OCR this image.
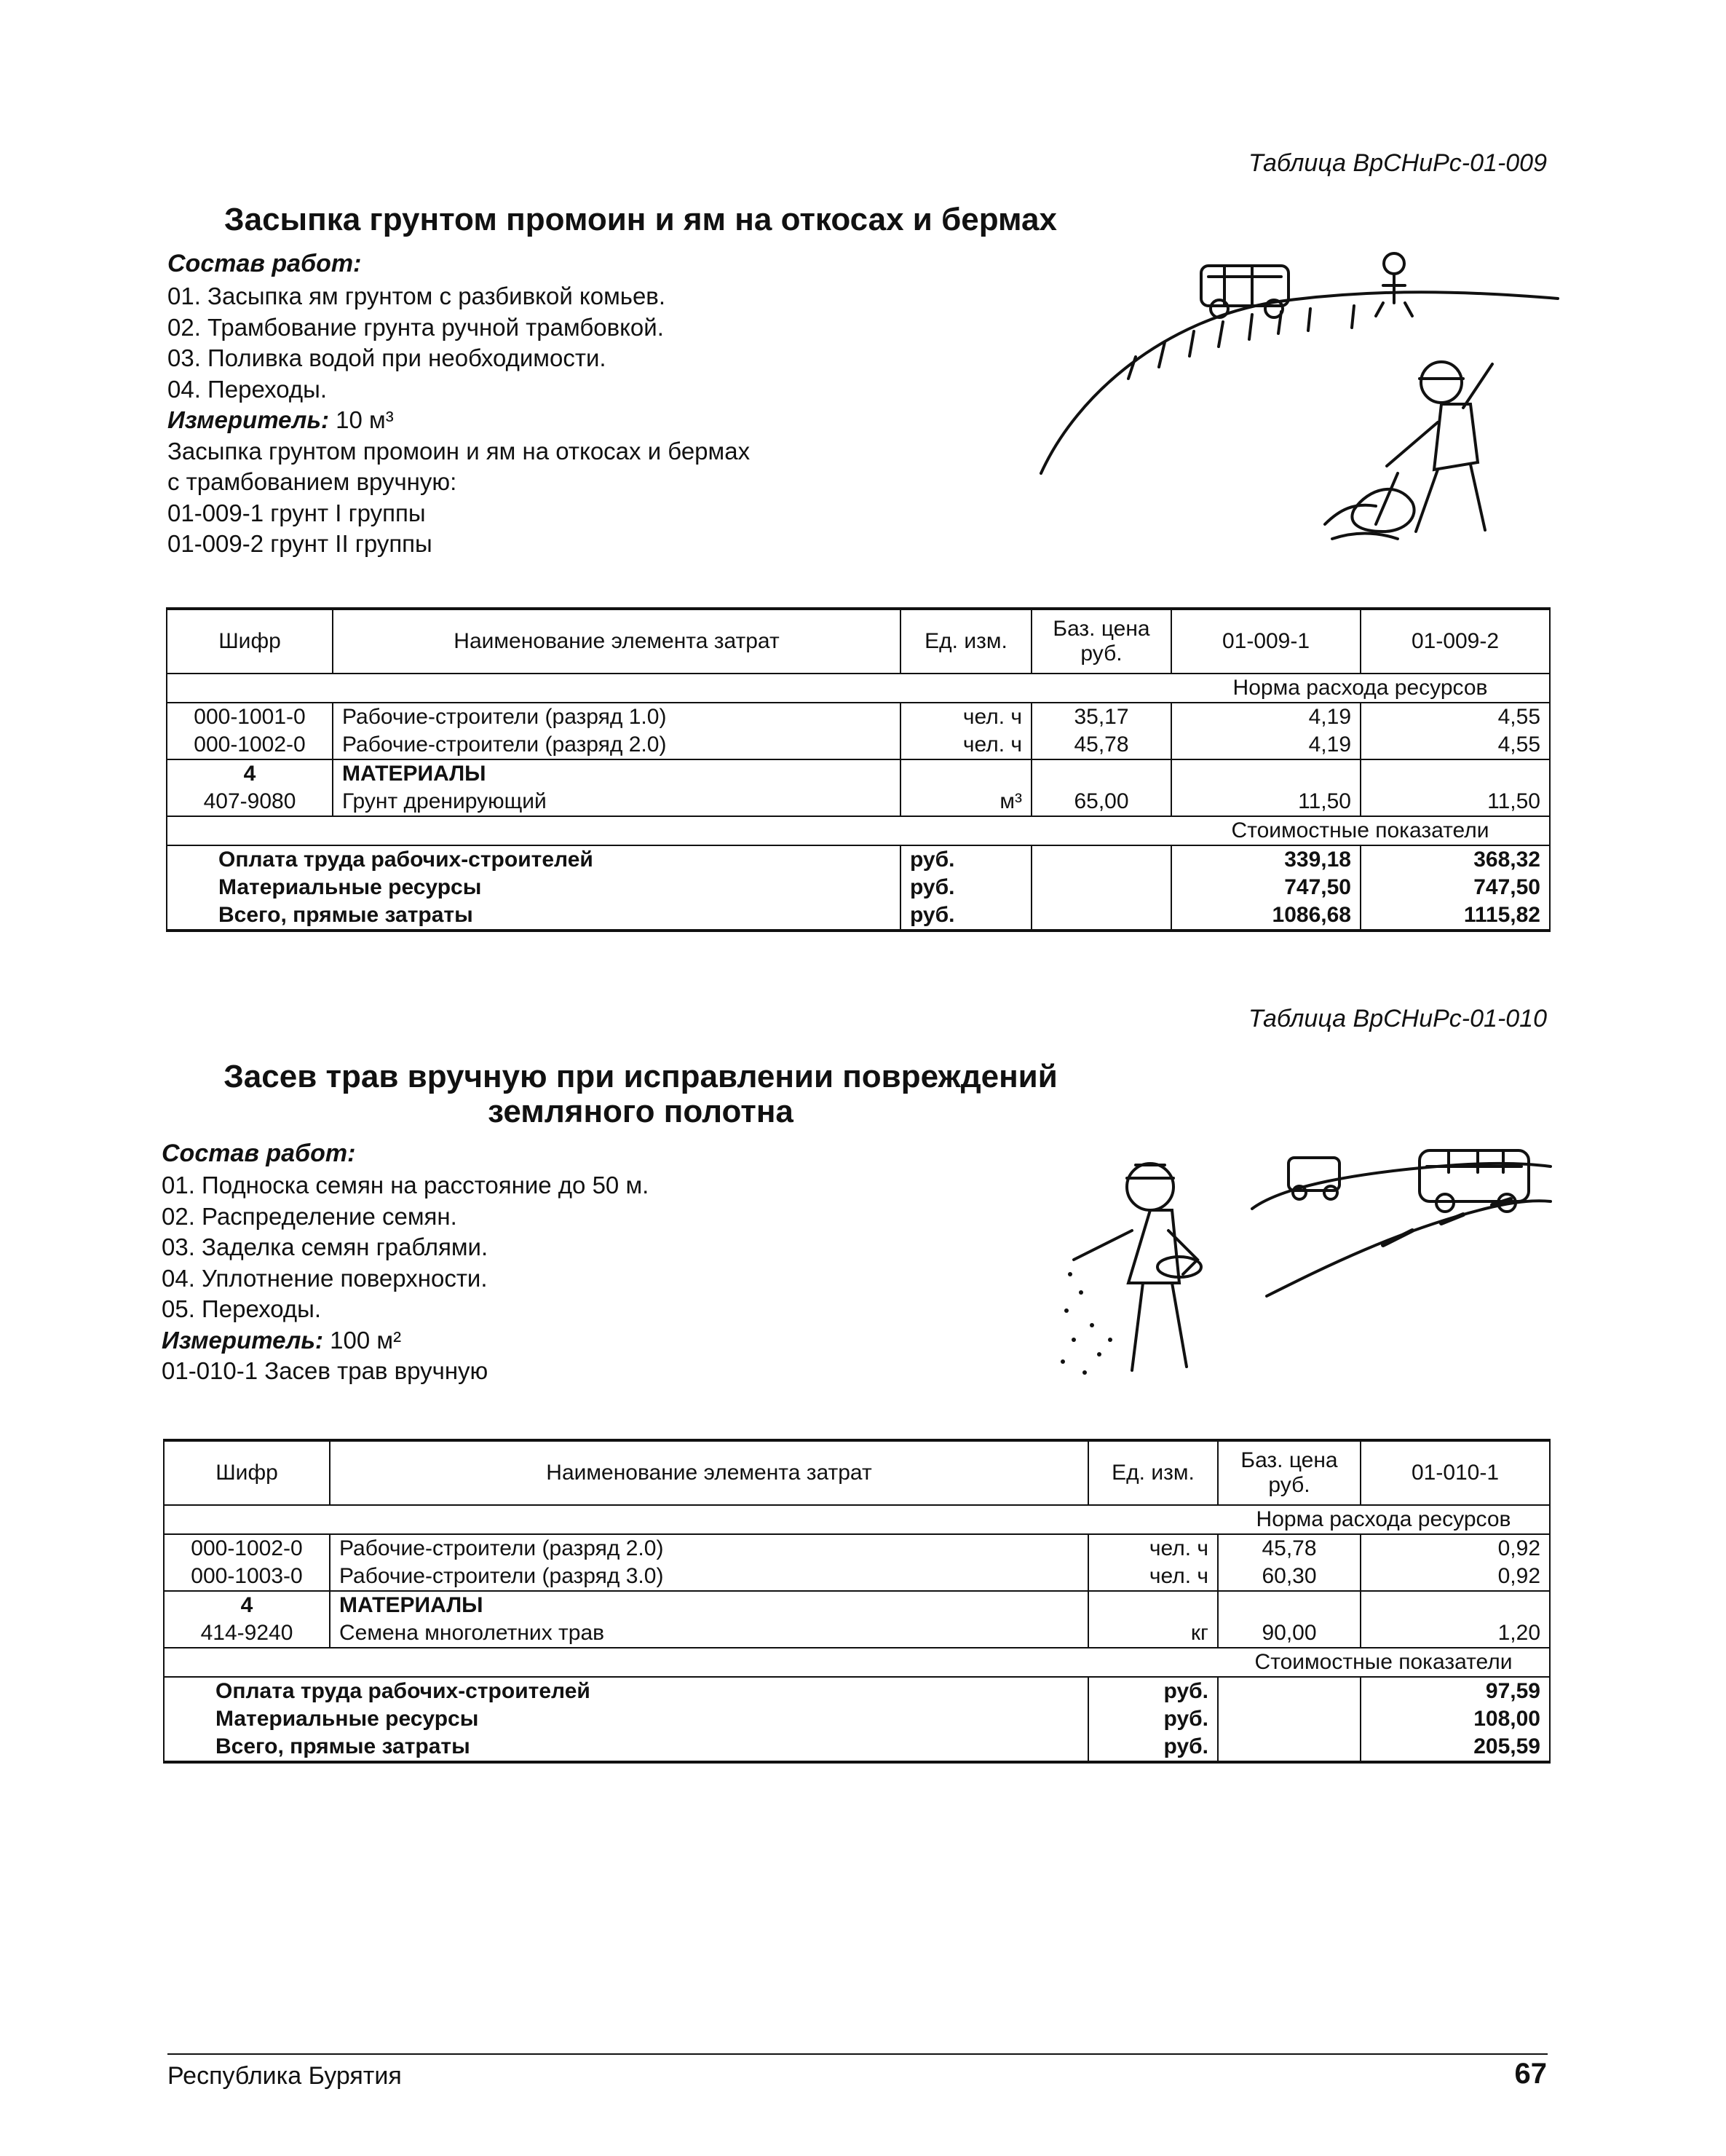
Таблица ВрСНиРс-01-009
Засыпка грунтом промоин и ям на откосах и бермах
Состав работ:
01. Засыпка ям грунтом с разбивкой комьев.
02. Трамбование грунта ручной трамбовкой.
03. Поливка водой при необходимости.
04. Переходы.
Измеритель: 10 м³
Засыпка грунтом промоин и ям на откосах и бермах
с трамбованием вручную:
01-009-1 грунт I группы
01-009-2 грунт II группы
Шифр	Наименование элемента затрат	Ед. изм.	Баз. цена руб.	01-009-1	01-009-2
				Норма расхода ресурсов	
000-1001-0	Рабочие-строители (разряд 1.0)	чел. ч	35,17	4,19	4,55
000-1002-0	Рабочие-строители (разряд 2.0)	чел. ч	45,78	4,19	4,55
4	МАТЕРИАЛЫ				
407-9080	Грунт дренирующий	м³	65,00	11,50	11,50
				Стоимостные показатели	
Оплата труда рабочих-строителей		руб.		339,18	368,32
Материальные ресурсы		руб.		747,50	747,50
Всего, прямые затраты		руб.		1086,68	1115,82
Таблица ВрСНиРс-01-010
Засев трав вручную при исправлении повреждений
земляного полотна
Состав работ:
01. Подноска семян на расстояние до 50 м.
02. Распределение семян.
03. Заделка семян граблями.
04. Уплотнение поверхности.
05. Переходы.
Измеритель: 100 м²
01-010-1 Засев трав вручную
Шифр	Наименование элемента затрат	Ед. изм.	Баз. цена руб.	01-010-1
			Норма расхода ресурсов	
000-1002-0	Рабочие-строители (разряд 2.0)	чел. ч	45,78	0,92
000-1003-0	Рабочие-строители (разряд 3.0)	чел. ч	60,30	0,92
4	МАТЕРИАЛЫ			
414-9240	Семена многолетних трав	кг	90,00	1,20
			Стоимостные показатели	
Оплата труда рабочих-строителей		руб.		97,59
Материальные ресурсы		руб.		108,00
Всего, прямые затраты		руб.		205,59
Республика Бурятия	67
